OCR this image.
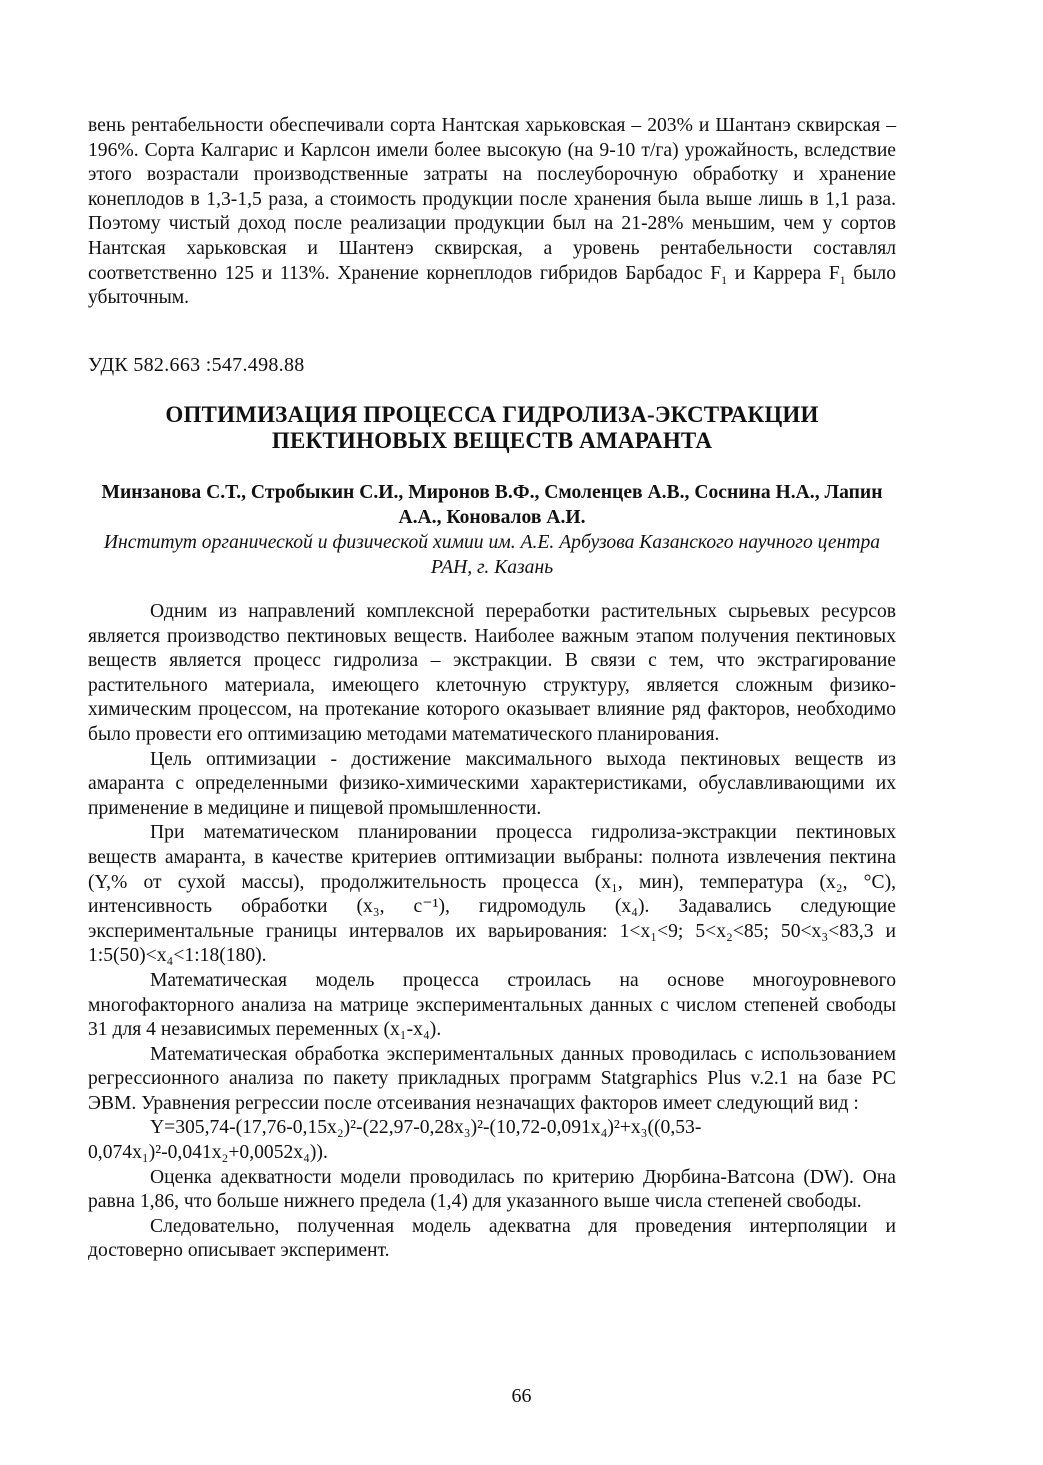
вень рентабельности обеспечивали сорта Нантская харьковская – 203% и Шантанэ сквирская – 196%. Сорта Калгарис и Карлсон имели более высокую (на 9-10 т/га) урожайность, вследствие этого возрастали производственные затраты на послеуборочную обработку и хранение конеплодов в 1,3-1,5 раза, а стоимость продукции после хранения была выше лишь в 1,1 раза. Поэтому чистый доход после реализации продукции был на 21-28% меньшим, чем у сортов Нантская харьковская и Шантенэ сквирская, а уровень рентабельности составлял соответственно 125 и 113%. Хранение корнеплодов гибридов Барбадос $F_1$ и Каррера $F_1$ было убыточным.

УДК 582.663 :547.498.88
ОПТИМИЗАЦИЯ ПРОЦЕССА ГИДРОЛИЗА-ЭКСТРАКЦИИ
ПЕКТИНОВЫХ ВЕЩЕСТВ АМАРАНТА
Минзанова С.Т., Стробыкин С.И., Миронов В.Ф., Смоленцев А.В., Соснина Н.А., Лапин А.А., Коновалов А.И.
Институт органической и физической химии им. А.Е. Арбузова Казанского научного центра РАН, г. Казань

Одним из направлений комплексной переработки растительных сырьевых ресурсов является производство пектиновых веществ. Наиболее важным этапом получения пектиновых веществ является процесс гидролиза – экстракции. В связи с тем, что экстрагирование растительного материала, имеющего клеточную структуру, является сложным физико-химическим процессом, на протекание которого оказывает влияние ряд факторов, необходимо было провести его оптимизацию методами математического планирования.

Цель оптимизации - достижение максимального выхода пектиновых веществ из амаранта с определенными физико-химическими характеристиками, обуславливающими их применение в медицине и пищевой промышленности.

При математическом планировании процесса гидролиза-экстракции пектиновых веществ амаранта, в качестве критериев оптимизации выбраны: полнота извлечения пектина (Y,% от сухой массы), продолжительность процесса (x₁, мин), температура (x₂, °C), интенсивность обработки (x₃, с⁻¹), гидромодуль (x₄). Задавались следующие экспериментальные границы интервалов их варьирования: 1<x₁<9; 5<x₂<85; 50<x₃<83,3 и 1:5(50)<x₄<1:18(180).

Математическая модель процесса строилась на основе многоуровневого многофакторного анализа на матрице экспериментальных данных с числом степеней свободы 31 для 4 независимых переменных (x₁-x₄).

Математическая обработка экспериментальных данных проводилась с использованием регрессионного анализа по пакету прикладных программ Statgraphics Plus v.2.1 на базе РС ЭВМ. Уравнения регрессии после отсеивания незначащих факторов имеет следующий вид :

Y=305,74-(17,76-0,15x₂)²-(22,97-0,28x₃)²-(10,72-0,091x₄)²+x₃((0,53-0,074x₁)²-0,041x₂+0,0052x₄)).

Оценка адекватности модели проводилась по критерию Дюрбина-Ватсона (DW). Она равна 1,86, что больше нижнего предела (1,4) для указанного выше числа степеней свободы.

Следовательно, полученная модель адекватна для проведения интерполяции и достоверно описывает эксперимент.

66
